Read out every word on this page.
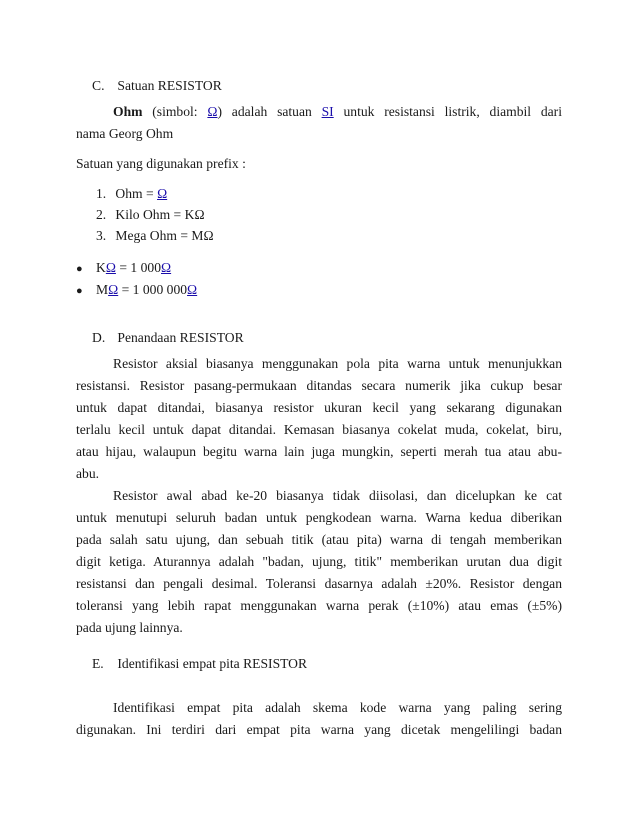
C. Satuan RESISTOR
Ohm (simbol: Ω) adalah satuan SI untuk resistansi listrik, diambil dari
nama Georg Ohm
Satuan yang digunakan prefix :
1. Ohm = Ω
2. Kilo Ohm = KΩ
3. Mega Ohm = MΩ
● KΩ = 1 000Ω
● MΩ = 1 000 000Ω
D. Penandaan RESISTOR
Resistor aksial biasanya menggunakan pola pita warna untuk menunjukkan
resistansi. Resistor pasang-permukaan ditandas secara numerik jika cukup besar
untuk dapat ditandai, biasanya resistor ukuran kecil yang sekarang digunakan
terlalu kecil untuk dapat ditandai. Kemasan biasanya cokelat muda, cokelat, biru,
atau hijau, walaupun begitu warna lain juga mungkin, seperti merah tua atau abu-
abu.
Resistor awal abad ke-20 biasanya tidak diisolasi, dan dicelupkan ke cat
untuk menutupi seluruh badan untuk pengkodean warna. Warna kedua diberikan
pada salah satu ujung, dan sebuah titik (atau pita) warna di tengah memberikan
digit ketiga. Aturannya adalah "badan, ujung, titik" memberikan urutan dua digit
resistansi dan pengali desimal. Toleransi dasarnya adalah ±20%. Resistor dengan
toleransi yang lebih rapat menggunakan warna perak (±10%) atau emas (±5%)
pada ujung lainnya.
E. Identifikasi empat pita RESISTOR
Identifikasi empat pita adalah skema kode warna yang paling sering
digunakan. Ini terdiri dari empat pita warna yang dicetak mengelilingi badan
